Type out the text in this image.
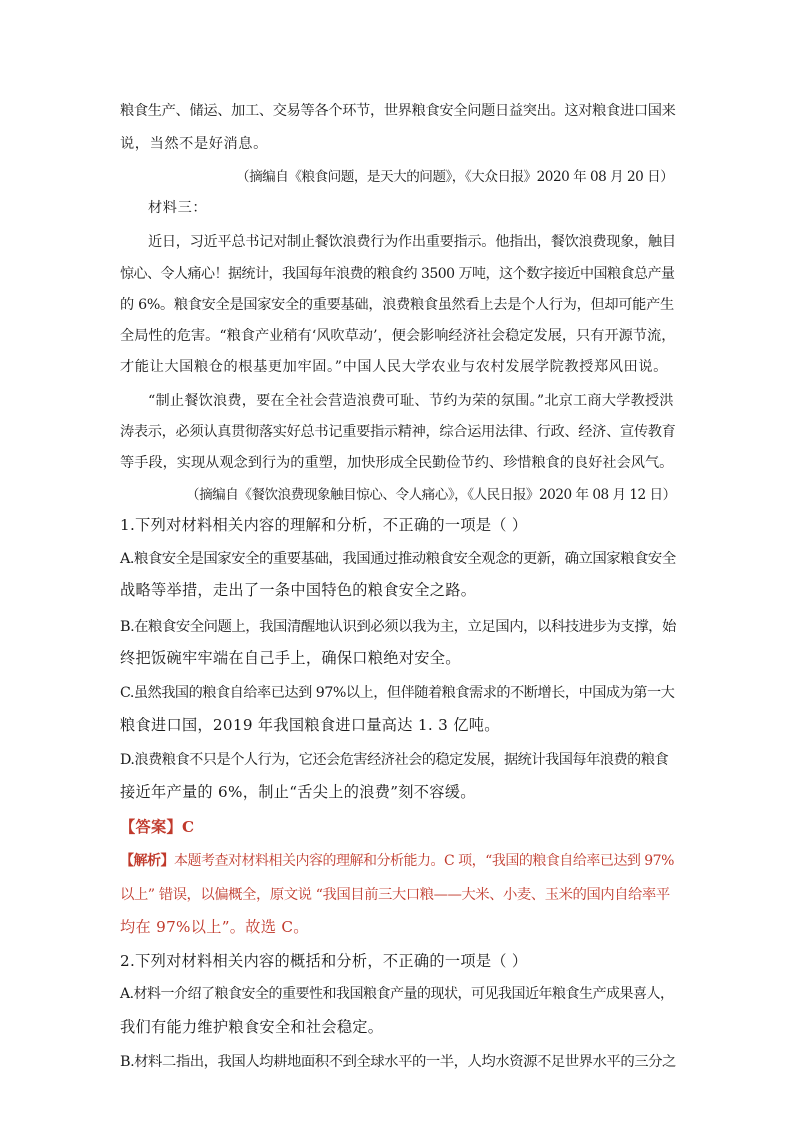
粮食生产、储运、加工、交易等各个环节，世界粮食安全问题日益突出。这对粮食进口国来
说，当然不是好消息。
（摘编自《粮食问题，是天大的问题》，《大众日报》2020 年 08 月 20 日）
材料三：
近日，习近平总书记对制止餐饮浪费行为作出重要指示。他指出，餐饮浪费现象，触目
惊心、令人痛心！据统计，我国每年浪费的粮食约 3500 万吨，这个数字接近中国粮食总产量
的 6%。粮食安全是国家安全的重要基础，浪费粮食虽然看上去是个人行为，但却可能产生
全局性的危害。“粮食产业稍有‘风吹草动’，便会影响经济社会稳定发展，只有开源节流，
才能让大国粮仓的根基更加牢固。”中国人民大学农业与农村发展学院教授郑风田说。
“制止餐饮浪费，要在全社会营造浪费可耻、节约为荣的氛围。”北京工商大学教授洪
涛表示，必须认真贯彻落实好总书记重要指示精神，综合运用法律、行政、经济、宣传教育
等手段，实现从观念到行为的重塑，加快形成全民勤俭节约、珍惜粮食的良好社会风气。
（摘编自《餐饮浪费现象触目惊心、令人痛心》，《人民日报》2020 年 08 月 12 日）
1.下列对材料相关内容的理解和分析，不正确的一项是（ ）
A.粮食安全是国家安全的重要基础，我国通过推动粮食安全观念的更新，确立国家粮食安全
战略等举措，走出了一条中国特色的粮食安全之路。
B.在粮食安全问题上，我国清醒地认识到必须以我为主，立足国内，以科技进步为支撑，始
终把饭碗牢牢端在自己手上，确保口粮绝对安全。
C.虽然我国的粮食自给率已达到 97%以上，但伴随着粮食需求的不断增长，中国成为第一大
粮食进口国，2019 年我国粮食进口量高达 1. 3 亿吨。
D.浪费粮食不只是个人行为，它还会危害经济社会的稳定发展，据统计我国每年浪费的粮食
接近年产量的 6%，制止“舌尖上的浪费”刻不容缓。
【答案】C
【解析】本题考查对材料相关内容的理解和分析能力。C 项，“我国的粮食自给率已达到 97%
以上” 错误，以偏概全，原文说 “我国目前三大口粮——大米、小麦、玉米的国内自给率平
均在 97%以上”。故选 C。
2.下列对材料相关内容的概括和分析，不正确的一项是（ ）
A.材料一介绍了粮食安全的重要性和我国粮食产量的现状，可见我国近年粮食生产成果喜人，
我们有能力维护粮食安全和社会稳定。
B.材料二指出，我国人均耕地面积不到全球水平的一半，人均水资源不足世界水平的三分之
